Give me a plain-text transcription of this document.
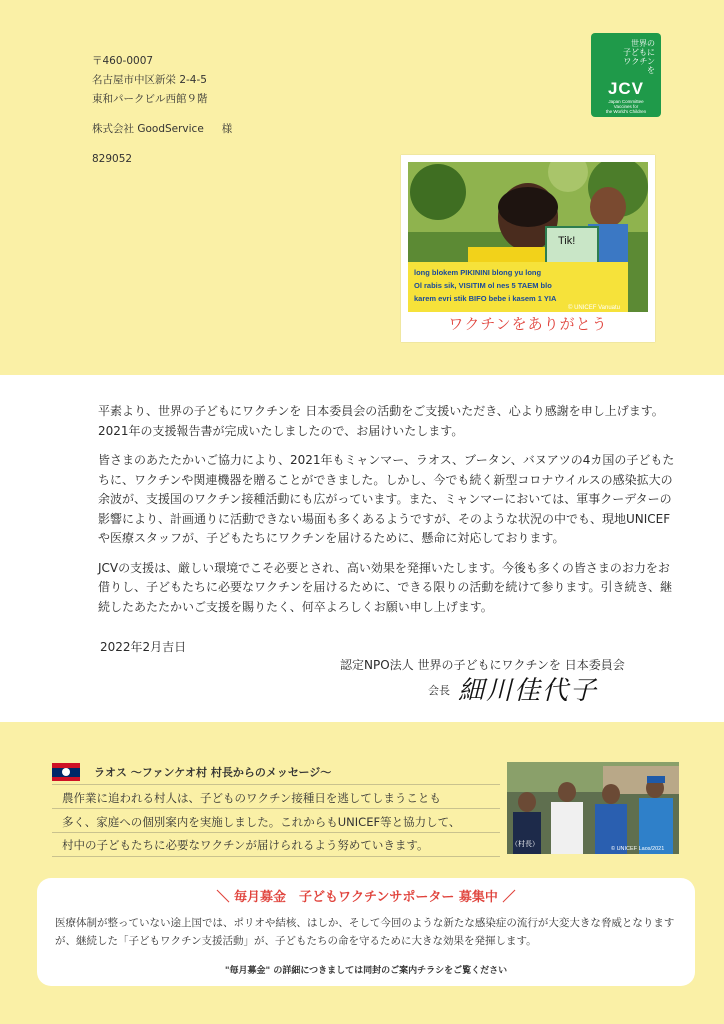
〒460-0007
名古屋市中区新栄 2-4-5
東和パークビル西館９階
株式会社 GoodService 様
829052
世界の
子どもに
ワクチン
を
JCV
Japan Committee
Vaccines for
the World's Children
Tik!
long blokem PIKININI blong yu long
Ol rabis sik, VISITIM ol nes 5 TAEM blo
karem evri stik BIFO bebe i kasem 1 YIA
© UNICEF Vanuatu
ワクチンをありがとう

平素より、世界の子どもにワクチンを 日本委員会の活動をご支援いただき、心より感謝を申し上げます。2021年の支援報告書が完成いたしましたので、お届けいたします。

皆さまのあたたかいご協力により、2021年もミャンマー、ラオス、ブータン、バヌアツの4カ国の子どもたちに、ワクチンや関連機器を贈ることができました。しかし、今でも続く新型コロナウイルスの感染拡大の余波が、支援国のワクチン接種活動にも広がっています。また、ミャンマーにおいては、軍事クーデターの影響により、計画通りに活動できない場面も多くあるようですが、そのような状況の中でも、現地UNICEFや医療スタッフが、子どもたちにワクチンを届けるために、懸命に対応しております。

JCVの支援は、厳しい環境でこそ必要とされ、高い効果を発揮いたします。今後も多くの皆さまのお力をお借りし、子どもたちに必要なワクチンを届けるために、できる限りの活動を続けて参ります。引き続き、継続したあたたかいご支援を賜りたく、何卒よろしくお願い申し上げます。

2022年2月吉日
認定NPO法人 世界の子どもにワクチンを 日本委員会
会長 細川佳代子
ラオス 〜ファンケオ村 村長からのメッセージ〜
農作業に追われる村人は、子どものワクチン接種日を逃してしまうことも
多く、家庭への個別案内を実施しました。これからもUNICEF等と協力して、
村中の子どもたちに必要なワクチンが届けられるよう努めていきます。	（村長）
© UNICEF Laos/2021
＼ 毎月募金　子どもワクチンサポーター 募集中 ／
医療体制が整っていない途上国では、ポリオや結核、はしか、そして今回のような新たな感染症の流行が大変大きな脅威となりますが、継続した「子どもワクチン支援活動」が、子どもたちの命を守るために大きな効果を発揮します。
"毎月募金" の詳細につきましては同封のご案内チラシをご覧ください
